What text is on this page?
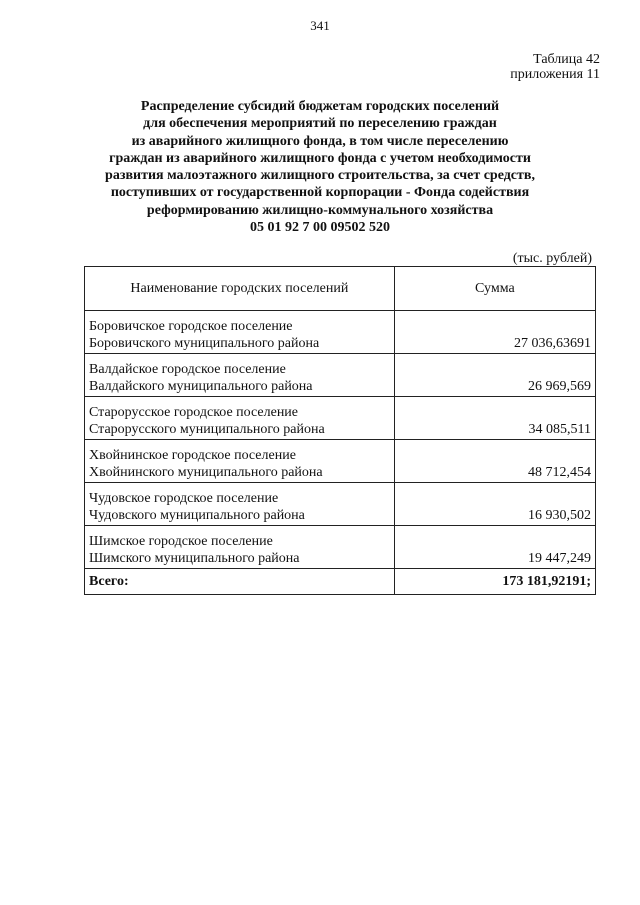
341
Таблица 42
приложения 11
Распределение субсидий бюджетам городских поселений
для обеспечения мероприятий по переселению граждан
из аварийного жилищного фонда, в том числе переселению
граждан из аварийного жилищного фонда с учетом необходимости
развития малоэтажного жилищного строительства, за счет средств,
поступивших от государственной корпорации - Фонда содействия
реформированию жилищно-коммунального хозяйства
05 01 92 7 00 09502 520
(тыс. рублей)
Наименование городских поселений	Сумма

Боровичское городское поселение
Боровичского муниципального района	27 036,63691

Валдайское городское поселение
Валдайского муниципального района	26 969,569

Старорусское городское поселение
Старорусского муниципального района	34 085,511

Хвойнинское городское поселение
Хвойнинского муниципального района	48 712,454

Чудовское городское поселение
Чудовского муниципального района	16 930,502

Шимское городское поселение
Шимского муниципального района	19 447,249
Всего:	173 181,92191;
